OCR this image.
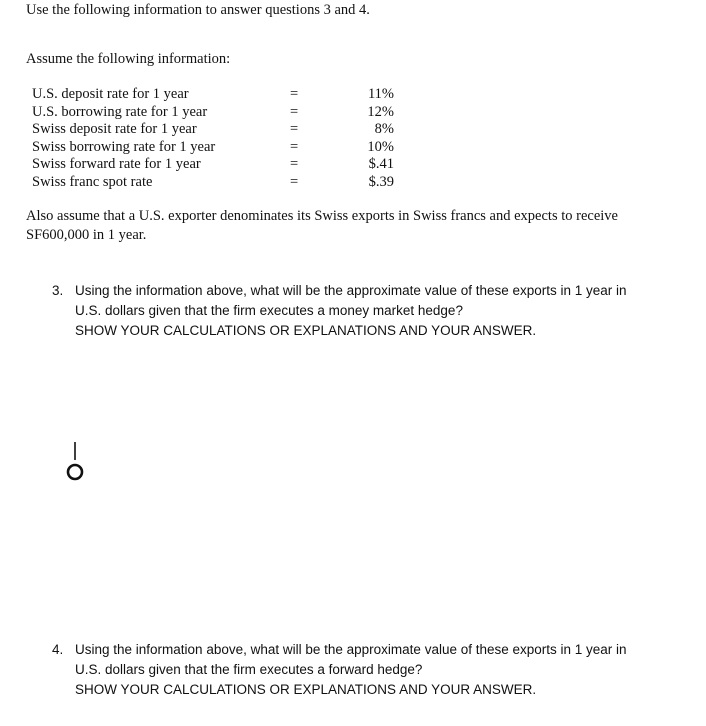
Use the following information to answer questions 3 and 4.
Assume the following information:
U.S. deposit rate for 1 year	=	11%
U.S. borrowing rate for 1 year	=	12%
Swiss deposit rate for 1 year	=	8%
Swiss borrowing rate for 1 year	=	10%
Swiss forward rate for 1 year	=	$.41
Swiss franc spot rate	=	$.39
Also assume that a U.S. exporter denominates its Swiss exports in Swiss francs and expects to receive
SF600,000 in 1 year.
3. Using the information above, what will be the approximate value of these exports in 1 year in
U.S. dollars given that the firm executes a money market hedge?
SHOW YOUR CALCULATIONS OR EXPLANATIONS AND YOUR ANSWER.
4. Using the information above, what will be the approximate value of these exports in 1 year in
U.S. dollars given that the firm executes a forward hedge?
SHOW YOUR CALCULATIONS OR EXPLANATIONS AND YOUR ANSWER.
